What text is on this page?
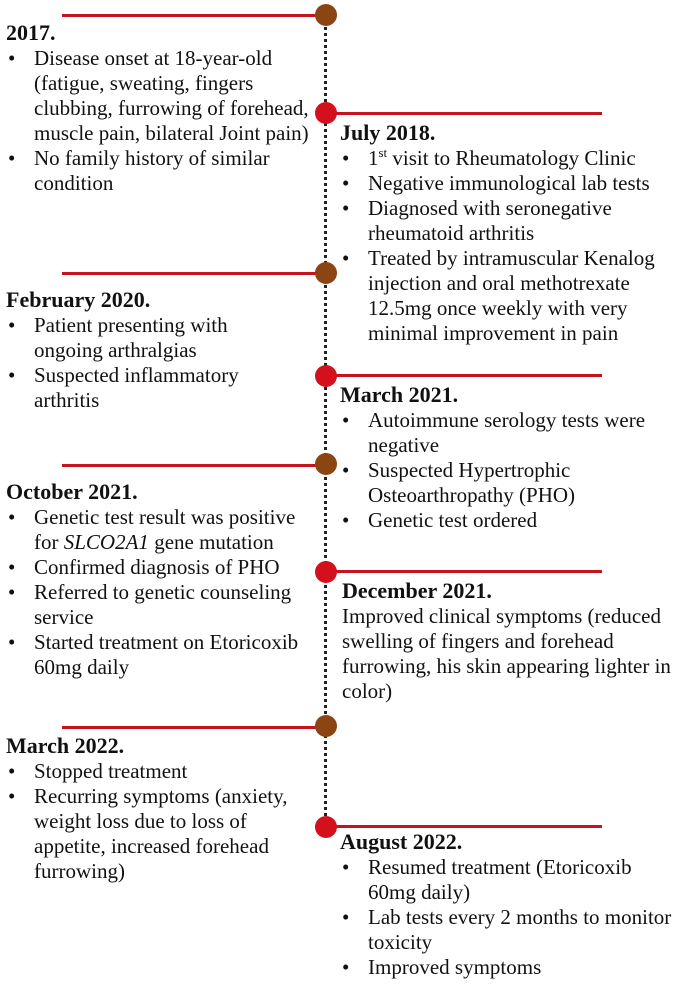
2017.
• Disease onset at 18-year-old (fatigue, sweating, fingers clubbing, furrowing of forehead, muscle pain, bilateral Joint pain)
• No family history of similar condition
July 2018.
• 1st visit to Rheumatology Clinic
• Negative immunological lab tests
• Diagnosed with seronegative rheumatoid arthritis
• Treated by intramuscular Kenalog injection and oral methotrexate 12.5mg once weekly with very minimal improvement in pain
February 2020.
• Patient presenting with ongoing arthralgias
• Suspected inflammatory arthritis	March 2021.
• Autoimmune serology tests were negative
• Suspected Hypertrophic Osteoarthropathy (PHO)
• Genetic test ordered
October 2021.
• Genetic test result was positive for SLCO2A1 gene mutation
• Confirmed diagnosis of PHO
• Referred to genetic counseling service
• Started treatment on Etoricoxib 60mg daily
December 2021.

Improved clinical symptoms (reduced swelling of fingers and forehead furrowing, his skin appearing lighter in color)

March 2022.
• Stopped treatment
• Recurring symptoms (anxiety, weight loss due to loss of appetite, increased forehead furrowing)
August 2022.
• Resumed treatment (Etoricoxib 60mg daily)
• Lab tests every 2 months to monitor toxicity
• Improved symptoms
